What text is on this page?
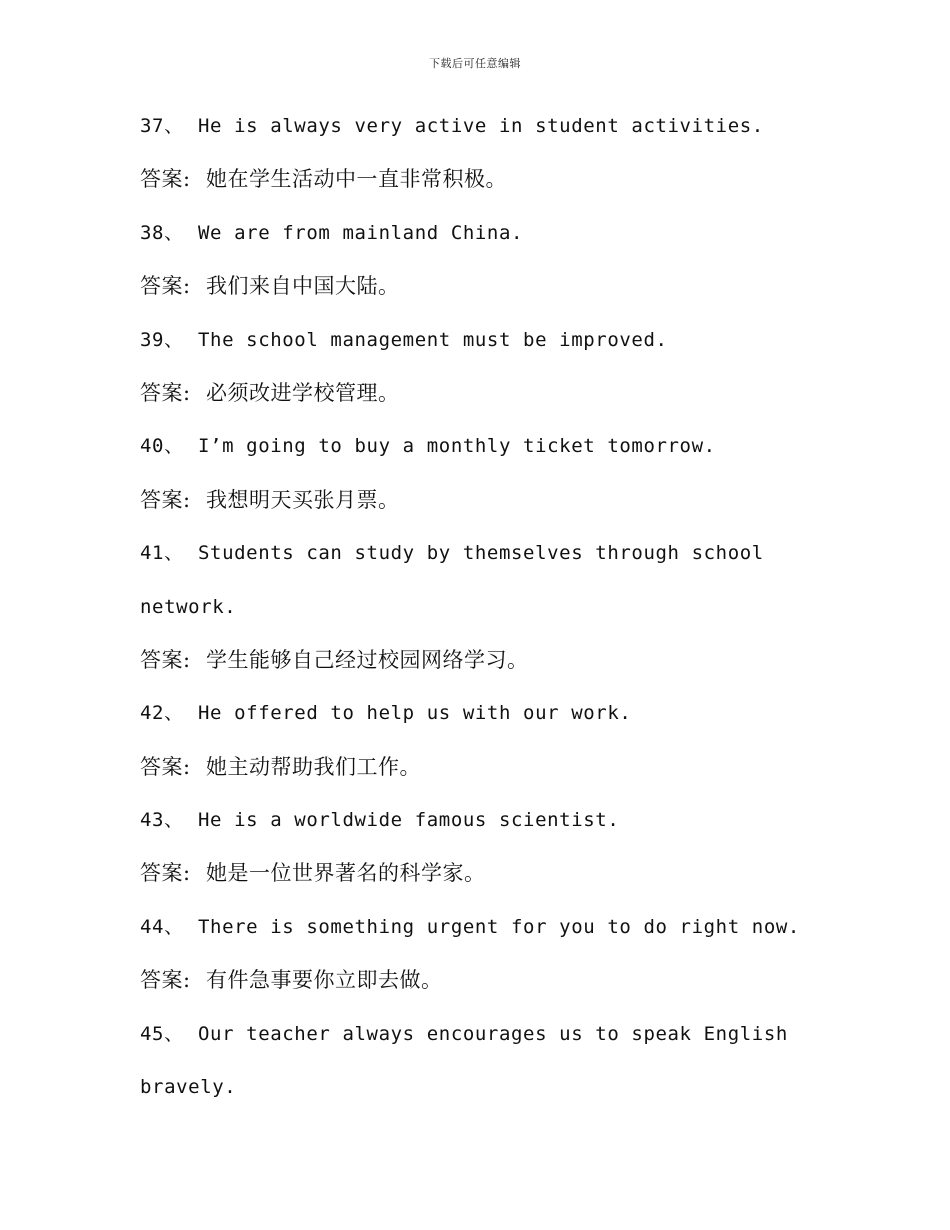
下载后可任意编辑
37、 He is always very active in student activities.
答案: 她在学生活动中一直非常积极。
38、 We are from mainland China.
答案: 我们来自中国大陆。
39、 The school management must be improved.
答案: 必须改进学校管理。
40、 I’m going to buy a monthly ticket tomorrow.
答案: 我想明天买张月票。
41、 Students can study by themselves through school
network.
答案: 学生能够自己经过校园网络学习。
42、 He offered to help us with our work.
答案: 她主动帮助我们工作。
43、 He is a worldwide famous scientist.
答案: 她是一位世界著名的科学家。
44、 There is something urgent for you to do right now.
答案: 有件急事要你立即去做。
45、 Our teacher always encourages us to speak English
bravely.
